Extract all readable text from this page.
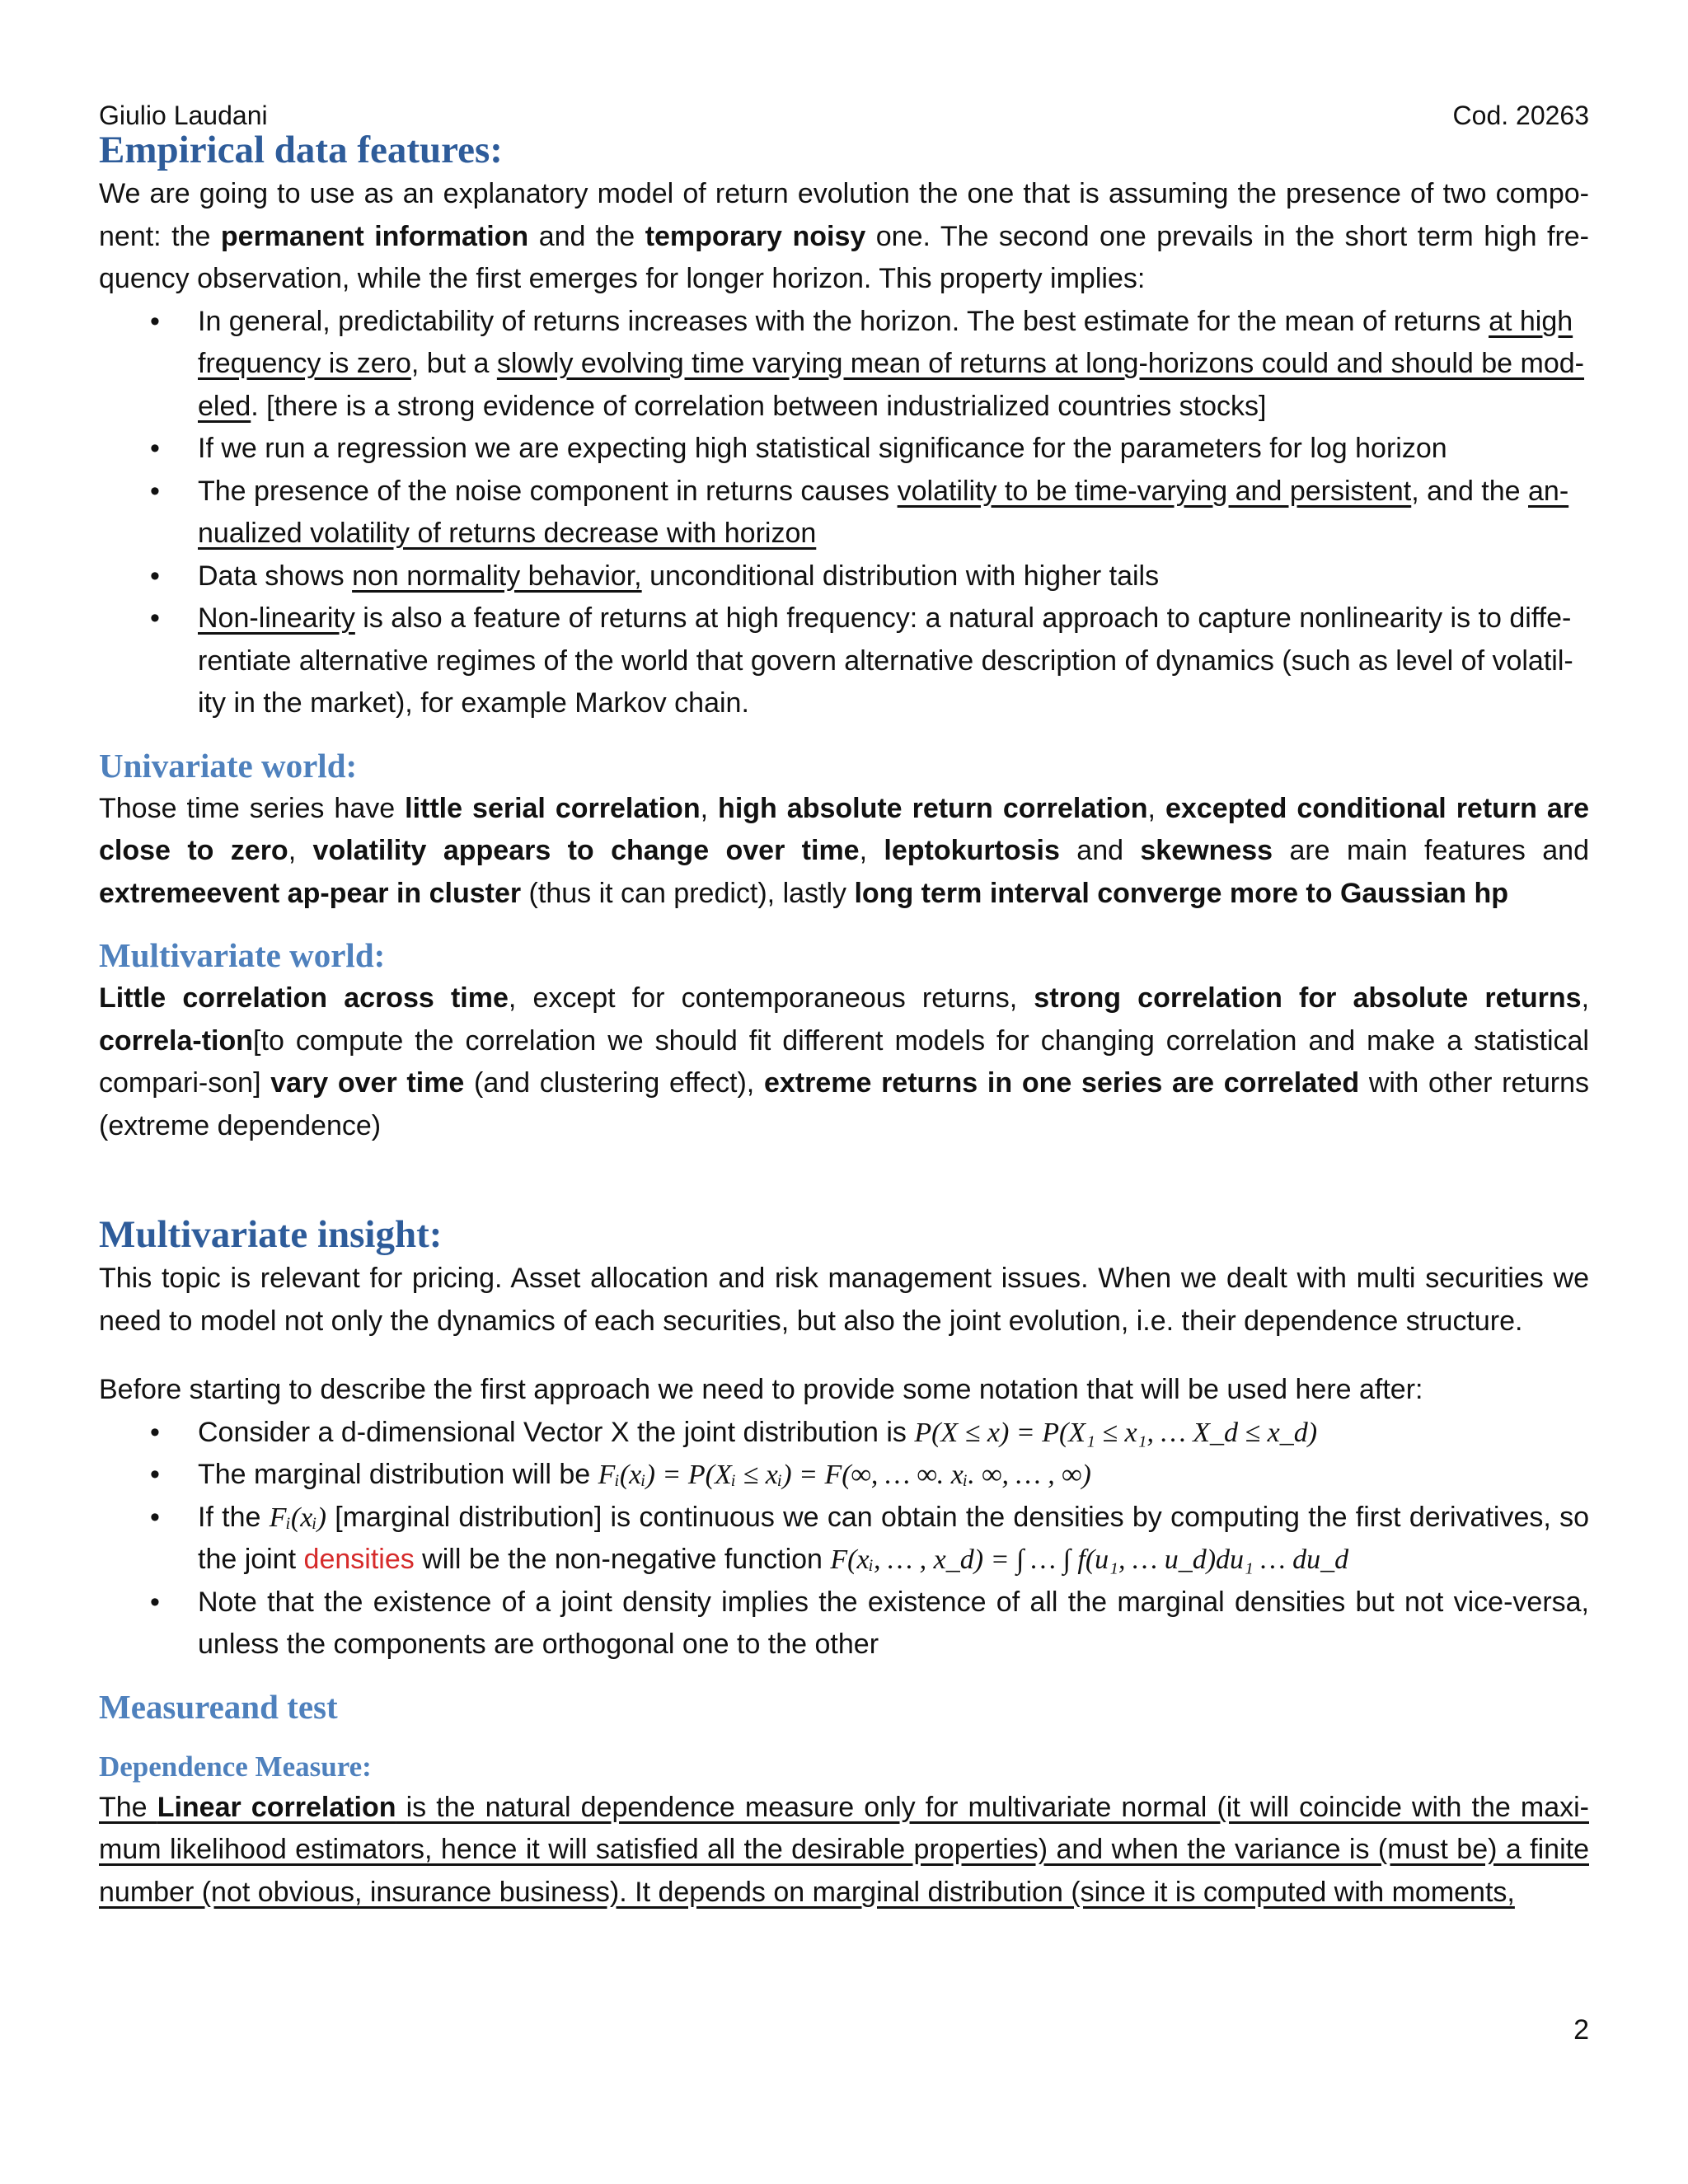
Giulio Laudani	Cod. 20263
Empirical data features:

We are going to use as an explanatory model of return evolution the one that is assuming the presence of two compo-nent: the permanent information and the temporary noisy one. The second one prevails in the short term high fre-quency observation, while the first emerges for longer horizon. This property implies:

• In general, predictability of returns increases with the horizon. The best estimate for the mean of returns at high frequency is zero, but a slowly evolving time varying mean of returns at long-horizons could and should be mod-eled. [there is a strong evidence of correlation between industrialized countries stocks]
• If we run a regression we are expecting high statistical significance for the parameters for log horizon
• The presence of the noise component in returns causes volatility to be time-varying and persistent, and the an-nualized volatility of returns decrease with horizon
• Data shows non normality behavior, unconditional distribution with higher tails
• Non-linearity is also a feature of returns at high frequency: a natural approach to capture nonlinearity is to diffe-rentiate alternative regimes of the world that govern alternative description of dynamics (such as level of volatil-ity in the market), for example Markov chain.
Univariate world:

Those time series have little serial correlation, high absolute return correlation, excepted conditional return are close to zero, volatility appears to change over time, leptokurtosis and skewness are main features and extremeevent ap-pear in cluster (thus it can predict), lastly long term interval converge more to Gaussian hp

Multivariate world:

Little correlation across time, except for contemporaneous returns, strong correlation for absolute returns, correla-tion[to compute the correlation we should fit different models for changing correlation and make a statistical compari-son] vary over time (and clustering effect), extreme returns in one series are correlated with other returns (extreme dependence)

Multivariate insight:

This topic is relevant for pricing. Asset allocation and risk management issues. When we dealt with multi securities we need to model not only the dynamics of each securities, but also the joint evolution, i.e. their dependence structure.

Before starting to describe the first approach we need to provide some notation that will be used here after:

• Consider a d-dimensional Vector X the joint distribution is P(X ≤ x) = P(X₁ ≤ x₁, … X_d ≤ x_d)
• The marginal distribution will be Fᵢ(xᵢ) = P(Xᵢ ≤ xᵢ) = F(∞, … ∞. xᵢ. ∞, … , ∞)
• If the Fᵢ(xᵢ) [marginal distribution] is continuous we can obtain the densities by computing the first derivatives, so the joint densities will be the non-negative function F(xᵢ, … , x_d) = ∫ … ∫ f(u₁, … u_d)du₁ … du_d
• Note that the existence of a joint density implies the existence of all the marginal densities but not vice-versa, unless the components are orthogonal one to the other
Measureand test
Dependence Measure:

The Linear correlation is the natural dependence measure only for multivariate normal (it will coincide with the maxi-mum likelihood estimators, hence it will satisfied all the desirable properties) and when the variance is (must be) a finite number (not obvious, insurance business). It depends on marginal distribution (since it is computed with moments,

2
